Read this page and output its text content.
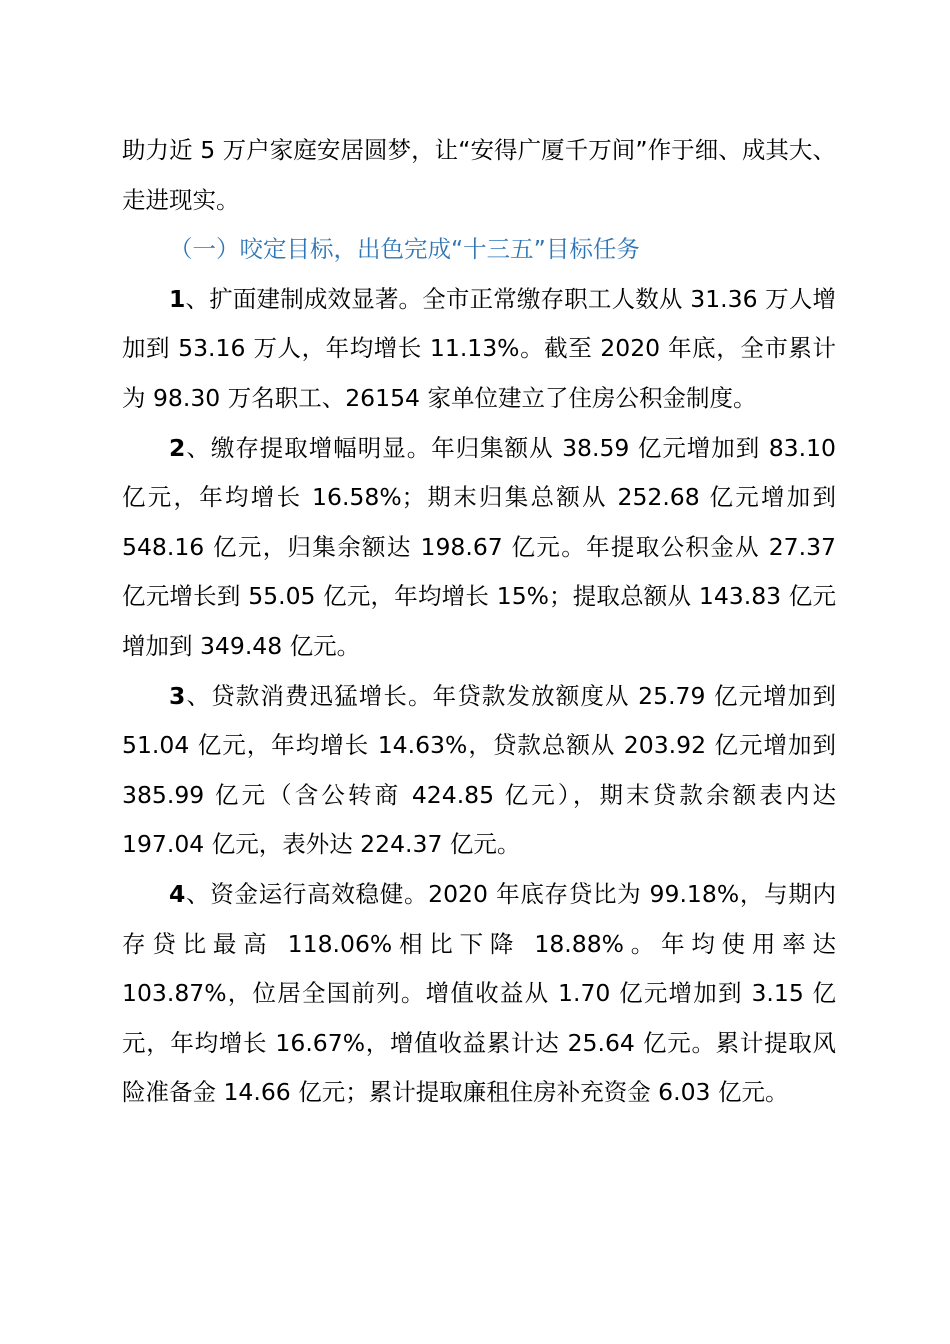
助力近 5 万户家庭安居圆梦，让“安得广厦千万间”作于细、成其大、走进现实。

（一）咬定目标，出色完成“十三五”目标任务

1、扩面建制成效显著。全市正常缴存职工人数从 31.36 万人增加到 53.16 万人，年均增长 11.13%。截至 2020 年底，全市累计为 98.30 万名职工、26154 家单位建立了住房公积金制度。

2、缴存提取增幅明显。年归集额从 38.59 亿元增加到 83.10 亿元，年均增长 16.58%；期末归集总额从 252.68 亿元增加到 548.16 亿元，归集余额达 198.67 亿元。年提取公积金从 27.37 亿元增长到 55.05 亿元，年均增长 15%；提取总额从 143.83 亿元增加到 349.48 亿元。

3、贷款消费迅猛增长。年贷款发放额度从 25.79 亿元增加到 51.04 亿元，年均增长 14.63%，贷款总额从 203.92 亿元增加到 385.99 亿元（含公转商 424.85 亿元），期末贷款余额表内达 197.04 亿元，表外达 224.37 亿元。

4、资金运行高效稳健。2020 年底存贷比为 99.18%，与期内存贷比最高 118.06%相比下降 18.88%。年均使用率达 103.87%，位居全国前列。增值收益从 1.70 亿元增加到 3.15 亿元，年均增长 16.67%，增值收益累计达 25.64 亿元。累计提取风险准备金 14.66 亿元；累计提取廉租住房补充资金 6.03 亿元。
